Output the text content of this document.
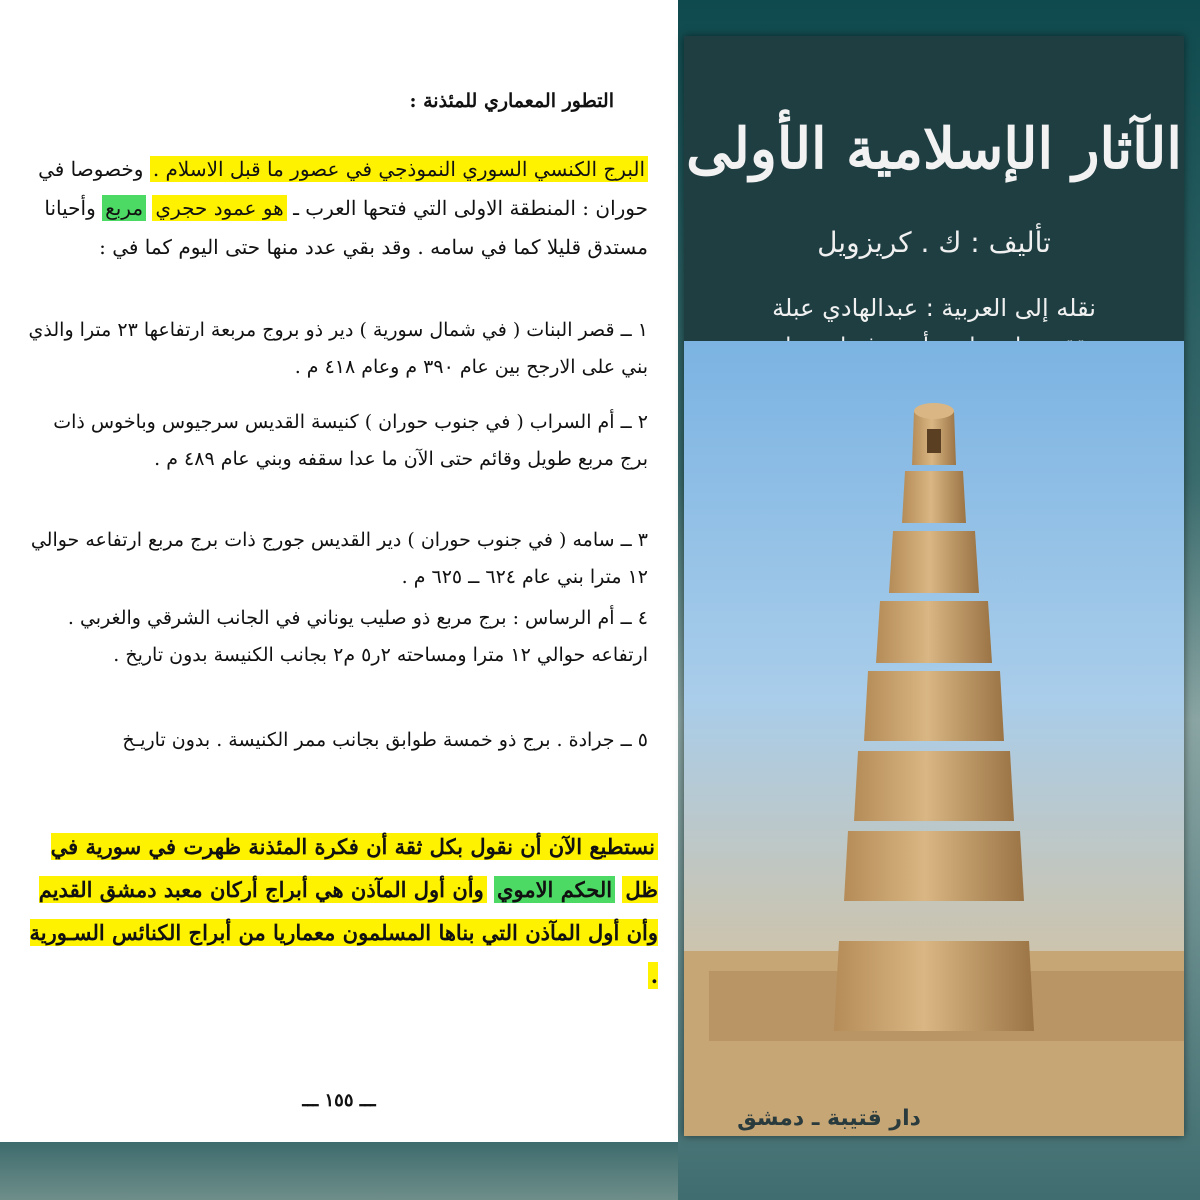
التطور المعماري للمئذنة :

البرج الكنسي السوري النموذجي في عصور ما قبل الاسلام . وخصوصا في حوران : المنطقة الاولى التي فتحها العرب ـ هو عمود حجري مربع وأحيانا مستدق قليلا كما في سامه . وقد بقي عدد منها حتى اليوم كما في :

١ ــ قصر البنات ( في شمال سورية ) دير ذو بروج مربعة ارتفاعها ٢٣ مترا والذي بني على الارجح بين عام ٣٩٠ م وعام ٤١٨ م .

٢ ــ أم السراب ( في جنوب حوران ) كنيسة القديس سرجيوس وباخوس ذات برج مربع طويل وقائم حتى الآن ما عدا سقفه وبني عام ٤٨٩ م .

٣ ــ سامه ( في جنوب حوران ) دير القديس جورج ذات برج مربع ارتفاعه حوالي ١٢ مترا بني عام ٦٢٤ ــ ٦٢٥ م .

٤ ــ أم الرساس : برج مربع ذو صليب يوناني في الجانب الشرقي والغربي . ارتفاعه حوالي ١٢ مترا ومساحته ٢ر٥ م٢ بجانب الكنيسة بدون تاريخ .

٥ ــ جرادة . برج ذو خمسة طوابق بجانب ممر الكنيسة . بدون تاريـخ

نستطيع الآن أن نقول بكل ثقة أن فكرة المئذنة ظهرت في سورية في ظل الحكم الاموي وأن أول المآذن هي أبراج أركان معبد دمشق القديم وأن أول المآذن التي بناها المسلمون معماريا من أبراج الكنائس السـورية .

ـــ ١٥٥ ـــ
الآثار الإسلامية الأولى
تأليف : ك . كريزويل
نقله إلى العربية : عبدالهادي عبلة
دار قتيبة ـ دمشق
